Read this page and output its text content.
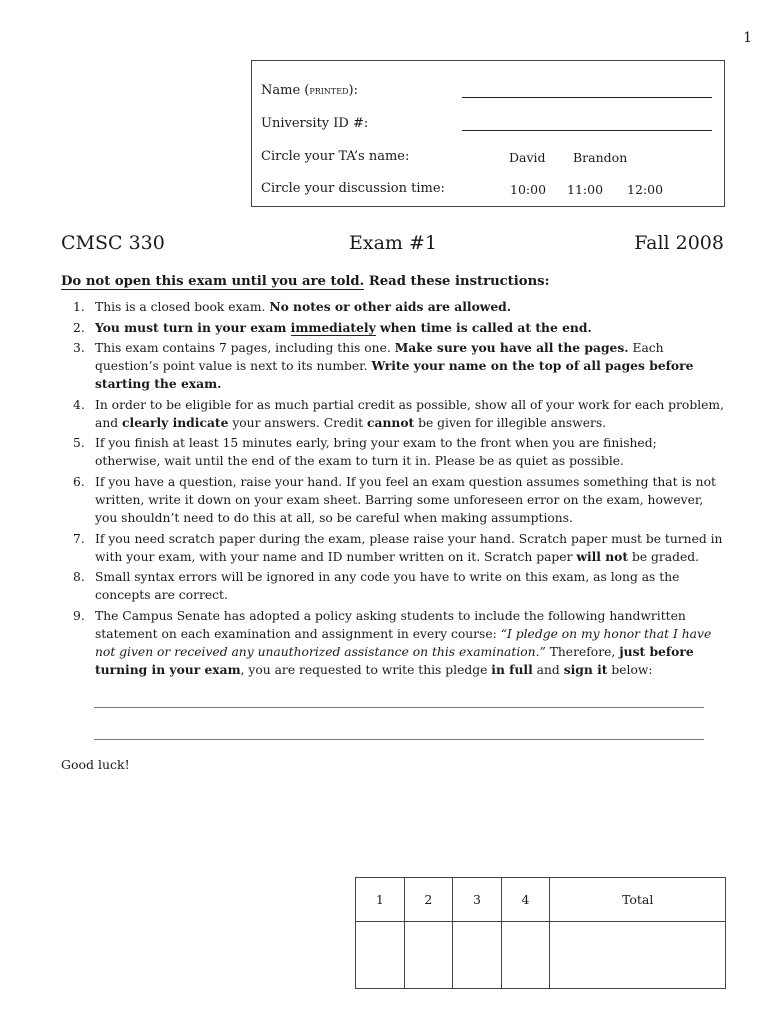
1
Name (printed):
University ID #:
Circle your TA’s name:	David Brandon
Circle your discussion time:	10:00 11:00 12:00
CMSC 330	Exam #1	Fall 2008
Do not open this exam until you are told. Read these instructions:
1. This is a closed book exam. No notes or other aids are allowed.
2. You must turn in your exam immediately when time is called at the end.
3. This exam contains 7 pages, including this one. Make sure you have all the pages. Each question’s point value is next to its number. Write your name on the top of all pages before starting the exam.
4. In order to be eligible for as much partial credit as possible, show all of your work for each problem, and clearly indicate your answers. Credit cannot be given for illegible answers.
5. If you finish at least 15 minutes early, bring your exam to the front when you are finished; otherwise, wait until the end of the exam to turn it in. Please be as quiet as possible.
6. If you have a question, raise your hand. If you feel an exam question assumes something that is not written, write it down on your exam sheet. Barring some unforeseen error on the exam, however, you shouldn’t need to do this at all, so be careful when making assumptions.
7. If you need scratch paper during the exam, please raise your hand. Scratch paper must be turned in with your exam, with your name and ID number written on it. Scratch paper will not be graded.
8. Small syntax errors will be ignored in any code you have to write on this exam, as long as the concepts are correct.
9. The Campus Senate has adopted a policy asking students to include the following handwritten statement on each examination and assignment in every course: “I pledge on my honor that I have not given or received any unauthorized assistance on this examination.” Therefore, just before turning in your exam, you are requested to write this pledge in full and sign it below:
Good luck!
1	2	3	4	Total
